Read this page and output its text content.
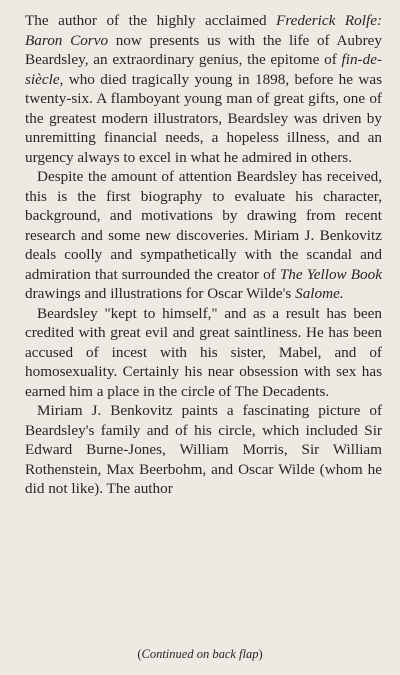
The author of the highly acclaimed Frederick Rolfe: Baron Corvo now presents us with the life of Aubrey Beardsley, an extraordinary genius, the epitome of fin-de-siècle, who died tragically young in 1898, before he was twenty-six. A flamboyant young man of great gifts, one of the greatest modern illustrators, Beardsley was driven by unremitting financial needs, a hopeless illness, and an urgency always to excel in what he admired in others.

Despite the amount of attention Beardsley has received, this is the first biography to evaluate his character, background, and motivations by drawing from recent research and some new discoveries. Miriam J. Benkovitz deals coolly and sympathetically with the scandal and admiration that surrounded the creator of The Yellow Book drawings and illustrations for Oscar Wilde's Salome.

Beardsley "kept to himself," and as a result has been credited with great evil and great saintliness. He has been accused of incest with his sister, Mabel, and of homosexuality. Certainly his near obsession with sex has earned him a place in the circle of The Decadents.

Miriam J. Benkovitz paints a fascinating picture of Beardsley's family and of his circle, which included Sir Edward Burne-Jones, William Morris, Sir William Rothenstein, Max Beerbohm, and Oscar Wilde (whom he did not like). The author

(Continued on back flap)
